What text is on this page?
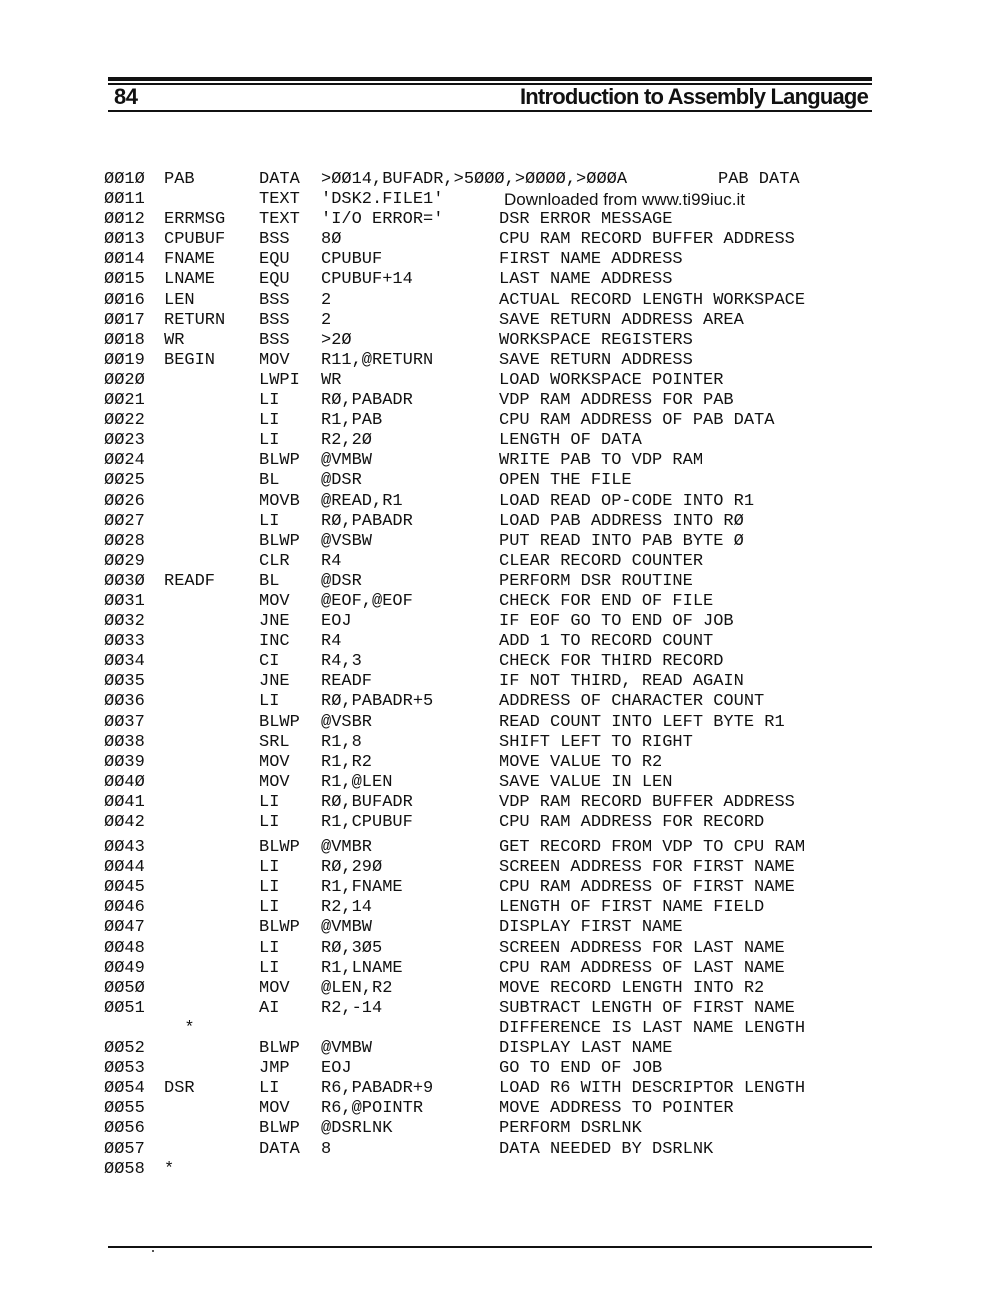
84	Introduction to Assembly Language
ØØ1Ø PAB	DATA >ØØ14,BUFADR,>5ØØØ,>ØØØØ,>ØØØA	PAB DATA
ØØ11	TEXT 'DSK2.FILE1'	Downloaded from www.ti99iuc.it
ØØ12 ERRMSG TEXT 'I/O ERROR='	DSR ERROR MESSAGE
ØØ13 CPUBUF BSS 8Ø	CPU RAM RECORD BUFFER ADDRESS
ØØ14 FNAME	EQU CPUBUF	FIRST NAME ADDRESS
ØØ15 LNAME	EQU CPUBUF+14	LAST NAME ADDRESS
ØØ16 LEN	BSS 2	ACTUAL RECORD LENGTH WORKSPACE
ØØ17 RETURN BSS 2	SAVE RETURN ADDRESS AREA
ØØ18 WR	BSS >2Ø	WORKSPACE REGISTERS
ØØ19 BEGIN	MOV R11,@RETURN	SAVE RETURN ADDRESS
ØØ2Ø	LWPI WR	LOAD WORKSPACE POINTER
ØØ21	LI RØ,PABADR	VDP RAM ADDRESS FOR PAB
ØØ22	LI R1,PAB	CPU RAM ADDRESS OF PAB DATA
ØØ23	LI R2,2Ø	LENGTH OF DATA
ØØ24	BLWP @VMBW	WRITE PAB TO VDP RAM
ØØ25	BL @DSR	OPEN THE FILE
ØØ26	MOVB @READ,R1	LOAD READ OP-CODE INTO R1
ØØ27	LI RØ,PABADR	LOAD PAB ADDRESS INTO RØ
ØØ28	BLWP @VSBW	PUT READ INTO PAB BYTE Ø
ØØ29	CLR R4	CLEAR RECORD COUNTER
ØØ3Ø READF	BL @DSR	PERFORM DSR ROUTINE
ØØ31	MOV @EOF,@EOF	CHECK FOR END OF FILE
ØØ32	JNE EOJ	IF EOF GO TO END OF JOB
ØØ33	INC R4	ADD 1 TO RECORD COUNT
ØØ34	CI R4,3	CHECK FOR THIRD RECORD
ØØ35	JNE READF	IF NOT THIRD, READ AGAIN
ØØ36	LI RØ,PABADR+5	ADDRESS OF CHARACTER COUNT
ØØ37	BLWP @VSBR	READ COUNT INTO LEFT BYTE R1
ØØ38	SRL R1,8	SHIFT LEFT TO RIGHT
ØØ39	MOV R1,R2	MOVE VALUE TO R2
ØØ4Ø	MOV R1,@LEN	SAVE VALUE IN LEN
ØØ41	LI RØ,BUFADR	VDP RAM RECORD BUFFER ADDRESS
ØØ42	LI R1,CPUBUF	CPU RAM ADDRESS FOR RECORD
ØØ43	BLWP @VMBR	GET RECORD FROM VDP TO CPU RAM
ØØ44	LI RØ,29Ø	SCREEN ADDRESS FOR FIRST NAME
ØØ45	LI R1,FNAME	CPU RAM ADDRESS OF FIRST NAME
ØØ46	LI R2,14	LENGTH OF FIRST NAME FIELD
ØØ47	BLWP @VMBW	DISPLAY FIRST NAME
ØØ48	LI RØ,3Ø5	SCREEN ADDRESS FOR LAST NAME
ØØ49	LI R1,LNAME	CPU RAM ADDRESS OF LAST NAME
ØØ5Ø	MOV @LEN,R2	MOVE RECORD LENGTH INTO R2
ØØ51	AI R2,-14	SUBTRACT LENGTH OF FIRST NAME
*	DIFFERENCE IS LAST NAME LENGTH
ØØ52	BLWP @VMBW	DISPLAY LAST NAME
ØØ53	JMP EOJ	GO TO END OF JOB
ØØ54 DSR	LI R6,PABADR+9	LOAD R6 WITH DESCRIPTOR LENGTH
ØØ55	MOV R6,@POINTR	MOVE ADDRESS TO POINTER
ØØ56	BLWP @DSRLNK	PERFORM DSRLNK
ØØ57	DATA 8	DATA NEEDED BY DSRLNK
ØØ58 *
